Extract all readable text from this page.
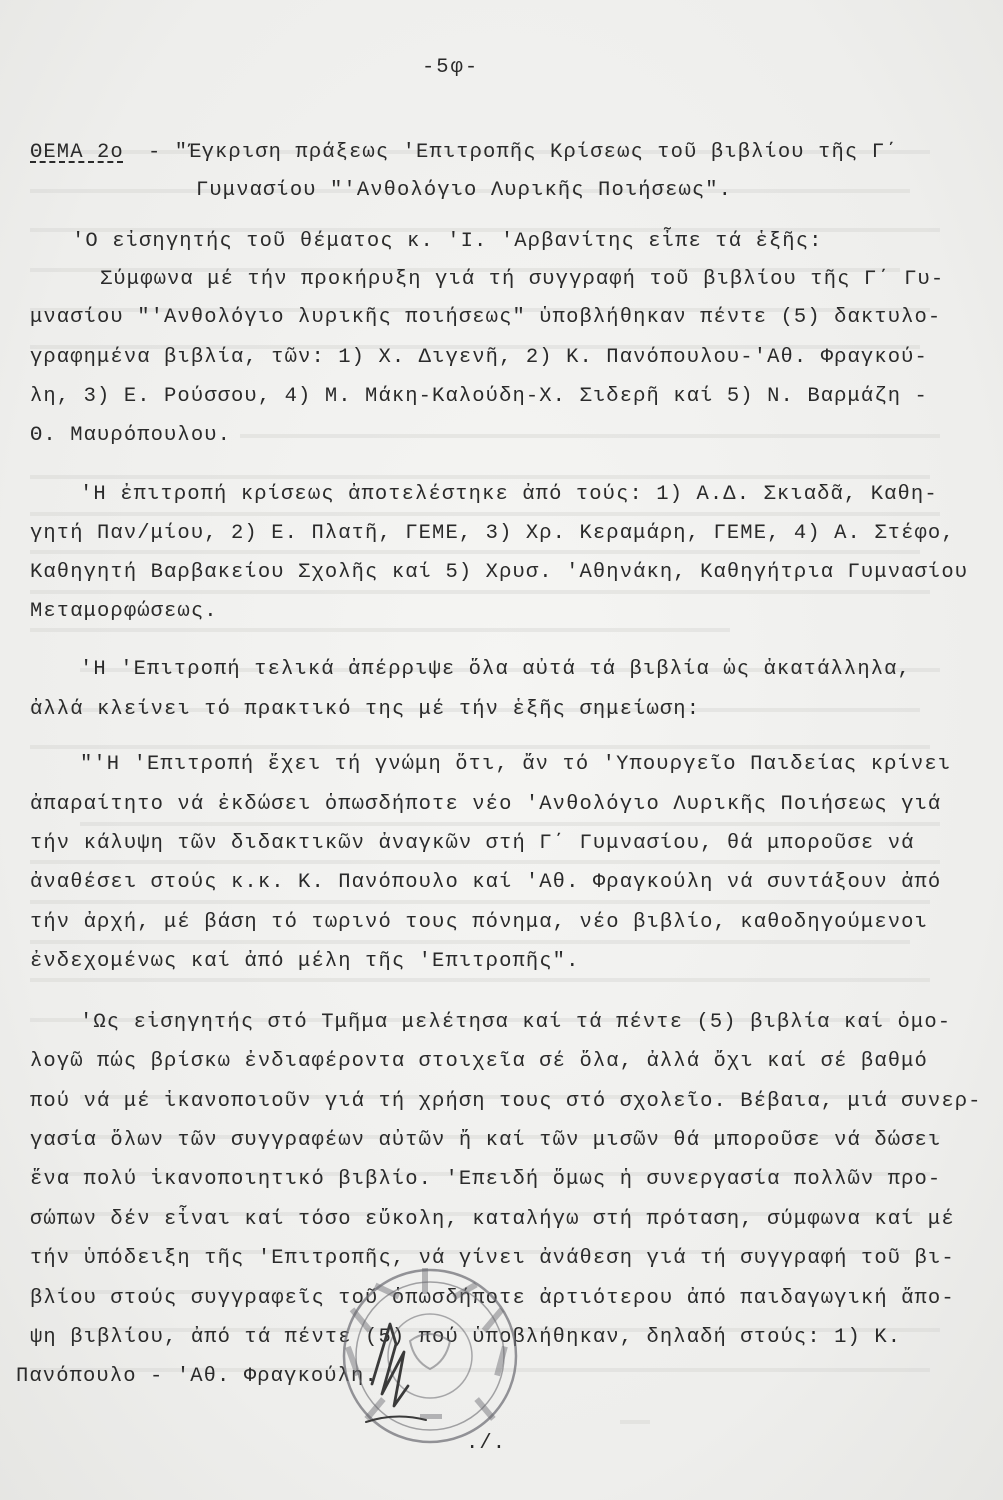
-5φ-
ΘΕΜΑ 2ο - "Έγκριση πράξεως 'Επιτροπῆς Κρίσεως τοῦ βιβλίου τῆς Γ΄
Γυμνασίου "'Ανθολόγιο Λυρικῆς Ποιήσεως".
'Ο εἰσηγητής τοῦ θέματος κ. 'Ι. 'Αρβανίτης εἶπε τά ἑξῆς:
Σύμφωνα μέ τήν προκήρυξη γιά τή συγγραφή τοῦ βιβλίου τῆς Γ΄ Γυ-
μνασίου "'Ανθολόγιο λυρικῆς ποιήσεως" ὑποβλήθηκαν πέντε (5) δακτυλο-
γραφημένα βιβλία, τῶν: 1) Χ. Διγενῆ, 2) Κ. Πανόπουλου-'Αθ. Φραγκού-
λη, 3) Ε. Ρούσσου, 4) Μ. Μάκη-Καλούδη-Χ. Σιδερῆ καί 5) Ν. Βαρμάζη -
Θ. Μαυρόπουλου.
'Η ἐπιτροπή κρίσεως ἀποτελέστηκε ἀπό τούς: 1) Α.Δ. Σκιαδᾶ, Καθη-
γητή Παν/μίου, 2) Ε. Πλατῆ, ΓΕΜΕ, 3) Χρ. Κεραμάρη, ΓΕΜΕ, 4) Α. Στέφο,
Καθηγητή Βαρβακείου Σχολῆς καί 5) Χρυσ. 'Αθηνάκη, Καθηγήτρια Γυμνασίου
Μεταμορφώσεως.
'Η 'Επιτροπή τελικά ἀπέρριψε ὅλα αὐτά τά βιβλία ὡς ἀκατάλληλα,
ἀλλά κλείνει τό πρακτικό της μέ τήν ἑξῆς σημείωση:
"'Η 'Επιτροπή ἔχει τή γνώμη ὅτι, ἄν τό 'Υπουργεῖο Παιδείας κρίνει
ἀπαραίτητο νά ἐκδώσει ὁπωσδήποτε νέο 'Ανθολόγιο Λυρικῆς Ποιήσεως γιά
τήν κάλυψη τῶν διδακτικῶν ἀναγκῶν στή Γ΄ Γυμνασίου, θά μποροῦσε νά
ἀναθέσει στούς κ.κ. Κ. Πανόπουλο καί 'Αθ. Φραγκούλη νά συντάξουν ἀπό
τήν ἀρχή, μέ βάση τό τωρινό τους πόνημα, νέο βιβλίο, καθοδηγούμενοι
ἐνδεχομένως καί ἀπό μέλη τῆς 'Επιτροπῆς".
'Ως εἰσηγητής στό Τμῆμα μελέτησα καί τά πέντε (5) βιβλία καί ὁμο-
λογῶ πώς βρίσκω ἐνδιαφέροντα στοιχεῖα σέ ὅλα, ἀλλά ὄχι καί σέ βαθμό
πού νά μέ ἱκανοποιοῦν γιά τή χρήση τους στό σχολεῖο. Βέβαια, μιά συνερ-
γασία ὅλων τῶν συγγραφέων αὐτῶν ἤ καί τῶν μισῶν θά μποροῦσε νά δώσει
ἕνα πολύ ἱκανοποιητικό βιβλίο. 'Επειδή ὅμως ἡ συνεργασία πολλῶν προ-
σώπων δέν εἶναι καί τόσο εὔκολη, καταλήγω στή πρόταση, σύμφωνα καί μέ
τήν ὑπόδειξη τῆς 'Επιτροπῆς, νά γίνει ἀνάθεση γιά τή συγγραφή τοῦ βι-
βλίου στούς συγγραφεῖς τοῦ ὁπωσδήποτε ἀρτιότερου ἀπό παιδαγωγική ἄπο-
ψη βιβλίου, ἀπό τά πέντε (5) πού ὑποβλήθηκαν, δηλαδή στούς: 1) Κ.
Πανόπουλο - 'Αθ. Φραγκούλη.
./.
